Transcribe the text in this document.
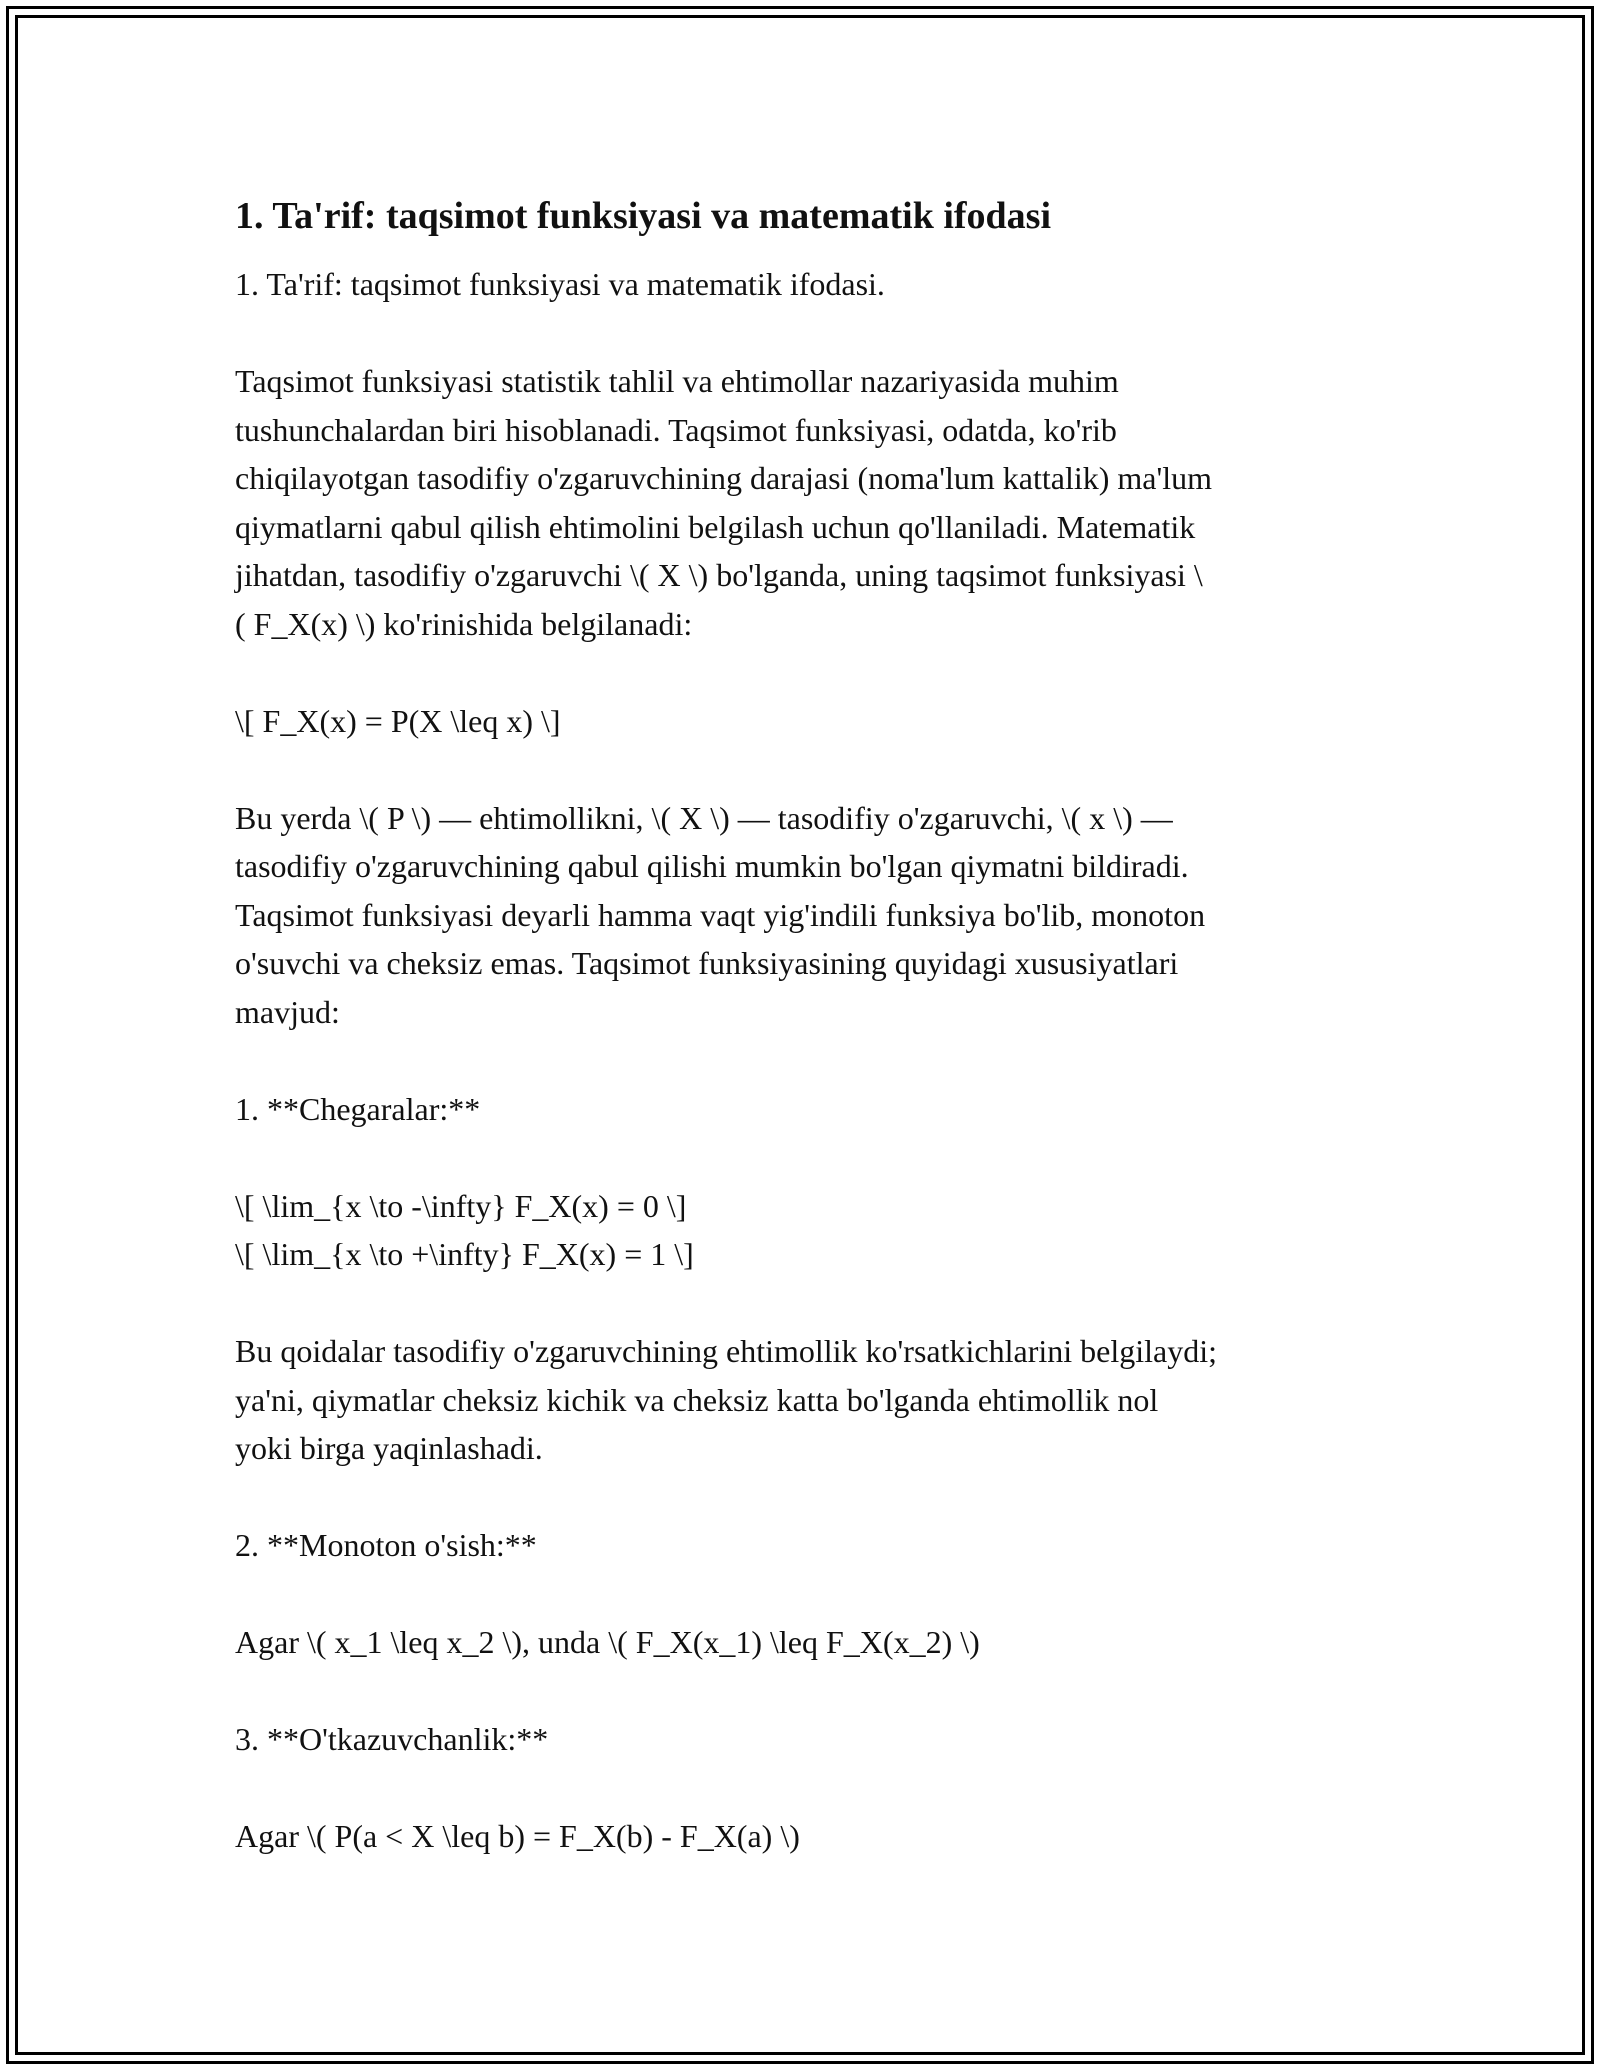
1. Ta'rif: taqsimot funksiyasi va matematik ifodasi
1. Ta'rif: taqsimot funksiyasi va matematik ifodasi.

Taqsimot funksiyasi statistik tahlil va ehtimollar nazariyasida muhim
tushunchalardan biri hisoblanadi. Taqsimot funksiyasi, odatda, ko'rib
chiqilayotgan tasodifiy o'zgaruvchining darajasi (noma'lum kattalik) ma'lum
qiymatlarni qabul qilish ehtimolini belgilash uchun qo'llaniladi. Matematik
jihatdan, tasodifiy o'zgaruvchi \( X \) bo'lganda, uning taqsimot funksiyasi \
( F_X(x) \) ko'rinishida belgilanadi:

\[ F_X(x) = P(X \leq x) \]

Bu yerda \( P \) — ehtimollikni, \( X \) — tasodifiy o'zgaruvchi, \( x \) —
tasodifiy o'zgaruvchining qabul qilishi mumkin bo'lgan qiymatni bildiradi.
Taqsimot funksiyasi deyarli hamma vaqt yig'indili funksiya bo'lib, monoton
o'suvchi va cheksiz emas. Taqsimot funksiyasining quyidagi xususiyatlari
mavjud:

1. **Chegaralar:**

\[ \lim_{x \to -\infty} F_X(x) = 0 \]
\[ \lim_{x \to +\infty} F_X(x) = 1 \]

Bu qoidalar tasodifiy o'zgaruvchining ehtimollik ko'rsatkichlarini belgilaydi;
ya'ni, qiymatlar cheksiz kichik va cheksiz katta bo'lganda ehtimollik nol
yoki birga yaqinlashadi.

2. **Monoton o'sish:**

Agar \( x_1 \leq x_2 \), unda \( F_X(x_1) \leq F_X(x_2) \)

3. **O'tkazuvchanlik:**

Agar \( P(a < X \leq b) = F_X(b) - F_X(a) \)
